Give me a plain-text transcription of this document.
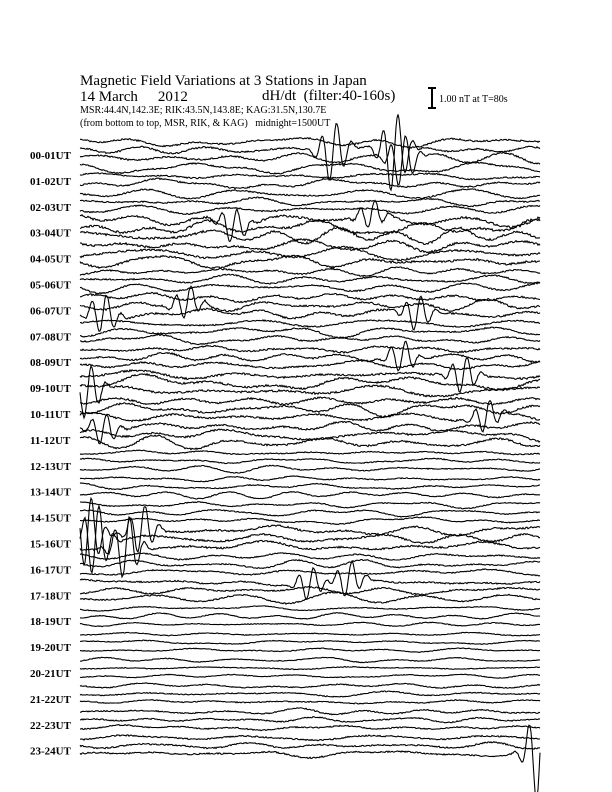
Magnetic Field Variations at 3 Stations in Japan
14 March 2012	dH/dt (filter:40-160s)
MSR:44.4N,142.3E; RIK:43.5N,143.8E; KAG:31.5N,130.7E
(from bottom to top, MSR, RIK, & KAG) midnight=1500UT
1.00 nT at T=80s
00-01UT
01-02UT
02-03UT
03-04UT
04-05UT
05-06UT
06-07UT
07-08UT
08-09UT
09-10UT
10-11UT
11-12UT
12-13UT
13-14UT
14-15UT
15-16UT
16-17UT
17-18UT
18-19UT
19-20UT
20-21UT
21-22UT
22-23UT
23-24UT
